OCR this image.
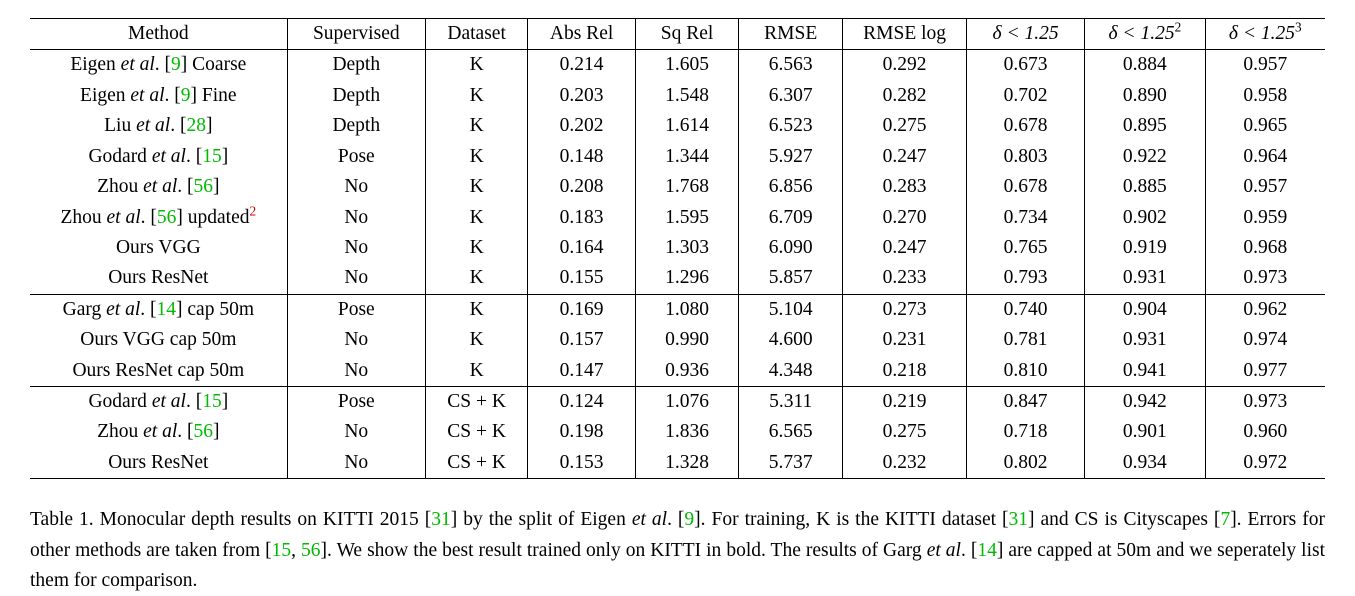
Method	Supervised	Dataset	Abs Rel	Sq Rel	RMSE	RMSE log	δ < 1.25	$\delta < 1.25^2$	$\delta < 1.25^3$
Eigen et al. [9] Coarse	Depth	K	0.214	1.605	6.563	0.292	0.673	0.884	0.957
Eigen et al. [9] Fine	Depth	K	0.203	1.548	6.307	0.282	0.702	0.890	0.958
Liu et al. [28]	Depth	K	0.202	1.614	6.523	0.275	0.678	0.895	0.965
Godard et al. [15]	Pose	K	0.148	1.344	5.927	0.247	0.803	0.922	0.964
Zhou et al. [56]	No	K	0.208	1.768	6.856	0.283	0.678	0.885	0.957
Zhou et al. [56] updated$^2$	No	K	0.183	1.595	6.709	0.270	0.734	0.902	0.959
Ours VGG	No	K	0.164	1.303	6.090	0.247	0.765	0.919	0.968
Ours ResNet	No	K	0.155	1.296	5.857	0.233	0.793	0.931	0.973
Garg et al. [14] cap 50m	Pose	K	0.169	1.080	5.104	0.273	0.740	0.904	0.962
Ours VGG cap 50m	No	K	0.157	0.990	4.600	0.231	0.781	0.931	0.974
Ours ResNet cap 50m	No	K	0.147	0.936	4.348	0.218	0.810	0.941	0.977
Godard et al. [15]	Pose	CS + K	0.124	1.076	5.311	0.219	0.847	0.942	0.973
Zhou et al. [56]	No	CS + K	0.198	1.836	6.565	0.275	0.718	0.901	0.960
Ours ResNet	No	CS + K	0.153	1.328	5.737	0.232	0.802	0.934	0.972
Table 1. Monocular depth results on KITTI 2015 [31] by the split of Eigen et al. [9]. For training, K is the KITTI dataset [31] and CS is Cityscapes [7]. Errors for other methods are taken from [15, 56]. We show the best result trained only on KITTI in bold. The results of Garg et al. [14] are capped at 50m and we seperately list them for comparison.
